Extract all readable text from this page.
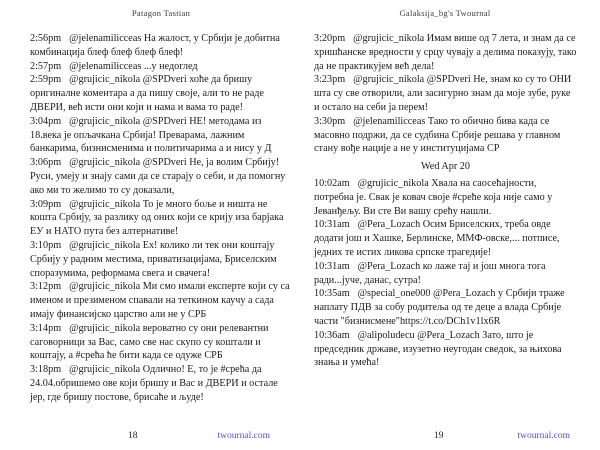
Patagon Tastian

2:56pm @jelenamilicceas На жалост, у Србији је добитна комбинација блеф блеф блеф блеф!

2:57pm @jelenamilicceas ...у недоглед

2:59pm @grujicic_nikola @SPDveri хоће да бришу оригиналне коментара а да пишу своје, али то не раде ДВЕРИ, већ исти они који и нама и вама то раде!

3:04pm @grujicic_nikola @SPDveri НЕ! методама из 18.века је опљачкана Србија! Преварама, лажним банкарима, бизнисменима и политичарима а и нису у Д

3:06pm @grujicic_nikola @SPDveri Не, ја волим Србију! Руси, умеју и знају сами да се старају о себи, и да помогну ако ми то желимо то су доказали,

3:09pm @grujicic_nikola То је много боље и ништа не кошта Србију, за разлику од оних који се крију иза барјака ЕУ и НАТО пута без алтернативе!

3:10pm @grujicic_nikola Ех! колико ли тек они коштају Србију у радним местима, приватизацијама, Бриселским споразумима, реформама свега и свачега!

3:12pm @grujicic_nikola Ми смо имали експерте који су са именом и презименом спавали на теткином каучу а сада имају финансијско царство али не у СРБ

3:14pm @grujicic_nikola вероватно су они релевантни саговорници за Вас, само све нас скупо су коштали и коштају, а #срећа ће бити када се одуже СРБ

3:18pm @grujicic_nikola Одлично! Е, то је #срећа да 24.04.обришемо ове који бришу и Вас и ДВЕРИ и остале јер, где бришу постове, брисаће и људе!

18	twournal.com
Galaksija_bg's Twournal

3:20pm @grujicic_nikola Имам више од 7 лета, и знам да се хришћанске вредности у срцу чувају а делима показују, тако да не практикујем већ дела!

3:23pm @grujicic_nikola @SPDveri Не, знам ко су то ОНИ шта су све отворили, али засигурно знам да моје зубе, руке и остало на себи ја перем!

3:30pm @jelenamilicceas Тако то обично бива када се масовно подржи, да се судбина Србије решава у главном стану вође нације а не у институцијама СР

Wed Apr 20

10:02am @grujicic_nikola Хвала на саосећајности, потребна је. Свак је ковач своје #среће која није само у Јеванђељу. Ви сте Ви вашу срећу нашли.

10:31am @Pera_Lozach Осим Бриселских, треба овде додати још и Хашке, Берлинске, ММФ-овске,... потписе, једних те истих ликова српске трагедије!

10:31am @Pera_Lozach ко лаже тај и још многа тога ради...јуче, данас, сутра!

10:35am @special_one000 @Pera_Lozach у Србији траже наплату ПДВ за собу родитеља од те деце а влада Србије части "бизнисмене"https://t.co/DCh1v1lx6R

10:36am @alipoludecu @Pera_Lozach Зато, што је председник државе, изузетно неугодан сведок, за њихова знања и умећа!

19	twournal.com
